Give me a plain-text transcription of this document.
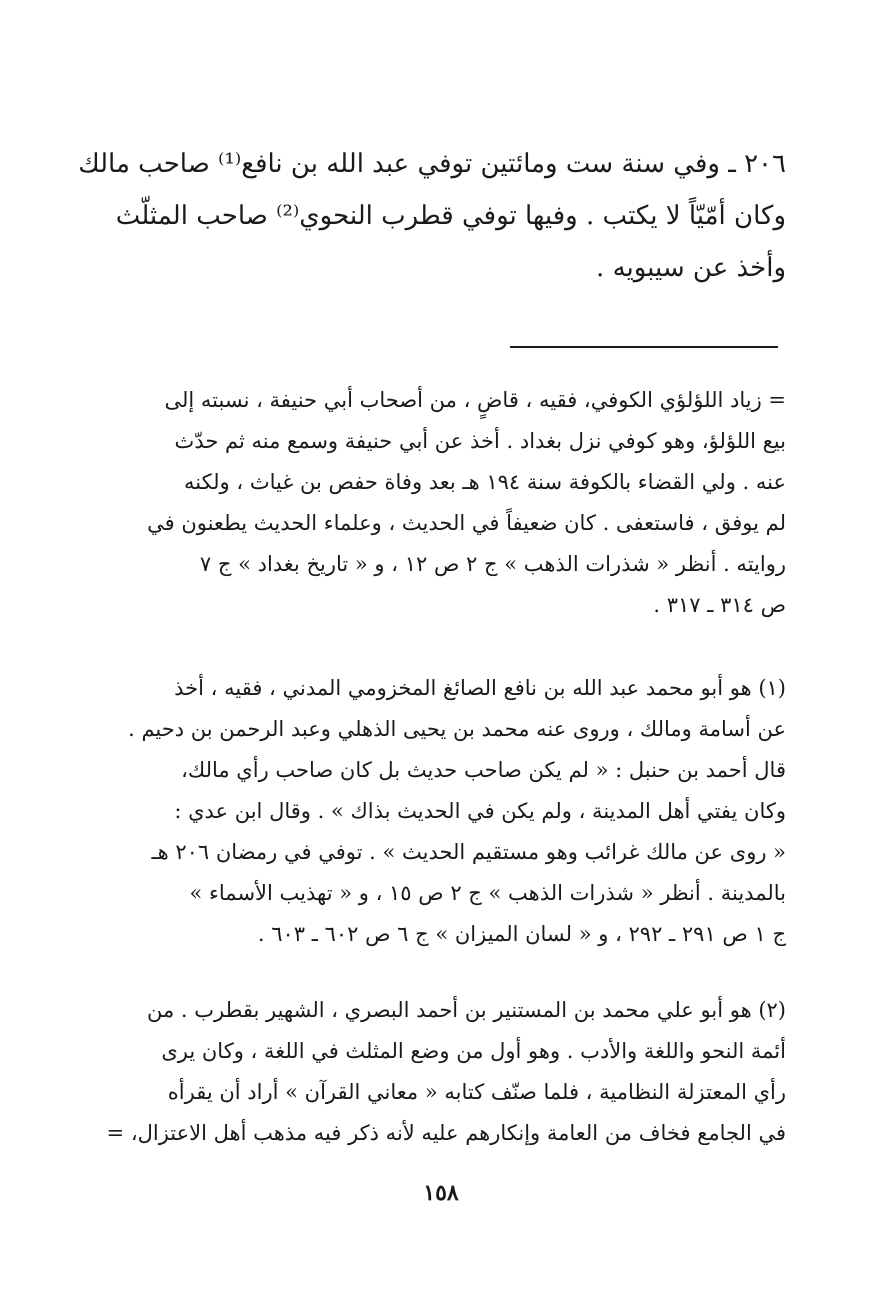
٢٠٦ ـ وفي سنة ست ومائتين توفي عبد الله بن نافع⁽¹⁾ صاحب مالك
وكان أمّيّاً لا يكتب . وفيها توفي قطرب النحوي⁽²⁾ صاحب المثلّث
وأخذ عن سيبويه .
= زياد اللؤلؤي الكوفي، فقيه ، قاضٍ ، من أصحاب أبي حنيفة ، نسبته إلى
بيع اللؤلؤ، وهو كوفي نزل بغداد . أخذ عن أبي حنيفة وسمع منه ثم حدّث
عنه . ولي القضاء بالكوفة سنة ١٩٤ هـ بعد وفاة حفص بن غياث ، ولكنه
لم يوفق ، فاستعفى . كان ضعيفاً في الحديث ، وعلماء الحديث يطعنون في
روايته . أنظر « شذرات الذهب » ج ٢ ص ١٢ ، و « تاريخ بغداد » ج ٧
ص ٣١٤ ـ ٣١٧ .
(١) هو أبو محمد عبد الله بن نافع الصائغ المخزومي المدني ، فقيه ، أخذ
عن أسامة ومالك ، وروى عنه محمد بن يحيى الذهلي وعبد الرحمن بن دحيم .
قال أحمد بن حنبل : « لم يكن صاحب حديث بل كان صاحب رأي مالك،
وكان يفتي أهل المدينة ، ولم يكن في الحديث بذاك » . وقال ابن عدي :
« روى عن مالك غرائب وهو مستقيم الحديث » . توفي في رمضان ٢٠٦ هـ
بالمدينة . أنظر « شذرات الذهب » ج ٢ ص ١٥ ، و « تهذيب الأسماء »
ج ١ ص ٢٩١ ـ ٢٩٢ ، و « لسان الميزان » ج ٦ ص ٦٠٢ ـ ٦٠٣ .
(٢) هو أبو علي محمد بن المستنير بن أحمد البصري ، الشهير بقطرب . من
أئمة النحو واللغة والأدب . وهو أول من وضع المثلث في اللغة ، وكان يرى
رأي المعتزلة النظامية ، فلما صنّف كتابه « معاني القرآن » أراد أن يقرأه
في الجامع فخاف من العامة وإنكارهم عليه لأنه ذكر فيه مذهب أهل الاعتزال، =
١٥٨
